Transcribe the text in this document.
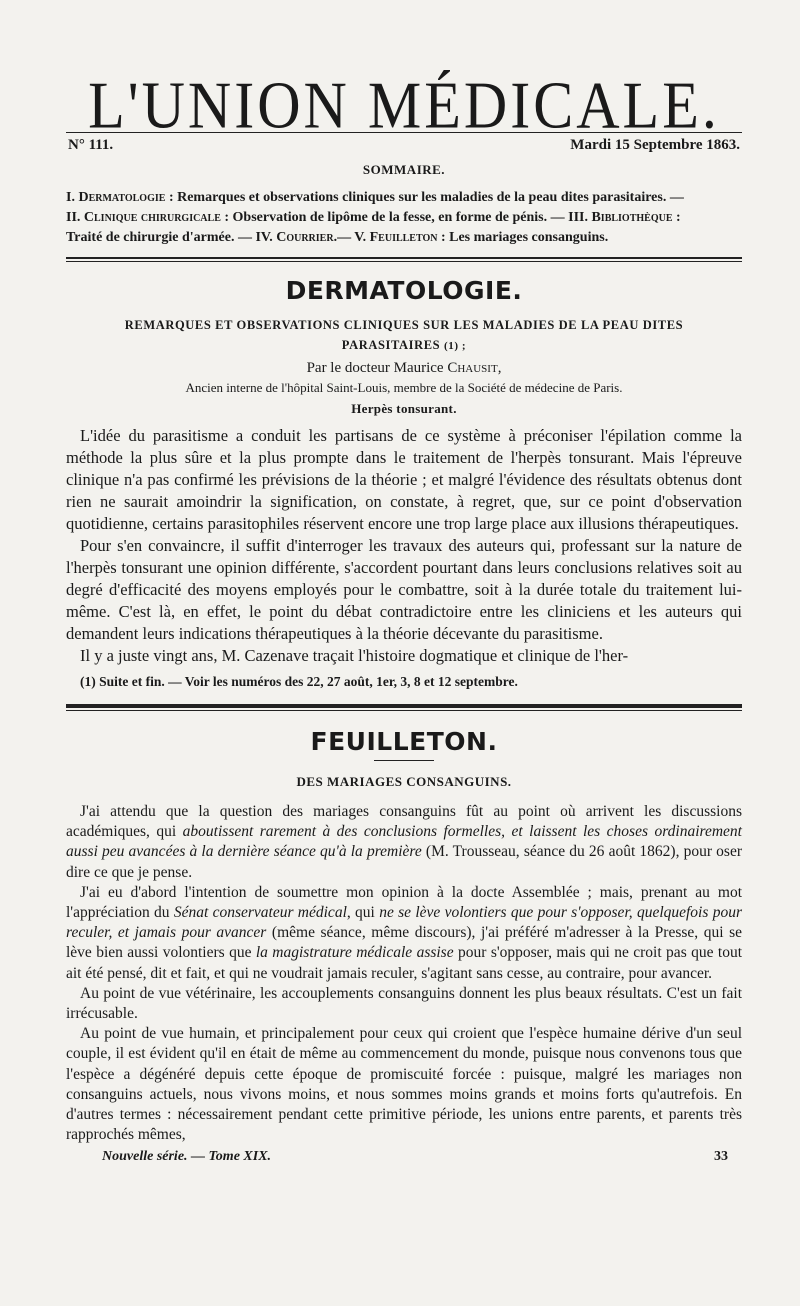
L'UNION MÉDICALE.
N° 111.	Mardi 15 Septembre 1863.
SOMMAIRE.
I. Dermatologie : Remarques et observations cliniques sur les maladies de la peau dites parasitaires. —
II. Clinique chirurgicale : Observation de lipôme de la fesse, en forme de pénis. — III. Bibliothèque :
Traité de chirurgie d'armée. — IV. Courrier.— V. Feuilleton : Les mariages consanguins.
DERMATOLOGIE.
REMARQUES ET OBSERVATIONS CLINIQUES SUR LES MALADIES DE LA PEAU DITES
PARASITAIRES (1) ;
Par le docteur Maurice Chausit,
Ancien interne de l'hôpital Saint-Louis, membre de la Société de médecine de Paris.
Herpès tonsurant.

L'idée du parasitisme a conduit les partisans de ce système à préconiser l'épilation comme la méthode la plus sûre et la plus prompte dans le traitement de l'herpès tonsurant. Mais l'épreuve clinique n'a pas confirmé les prévisions de la théorie ; et malgré l'évidence des résultats obtenus dont rien ne saurait amoindrir la signification, on constate, à regret, que, sur ce point d'observation quotidienne, certains parasitophiles réservent encore une trop large place aux illusions thérapeutiques.

Pour s'en convaincre, il suffit d'interroger les travaux des auteurs qui, professant sur la nature de l'herpès tonsurant une opinion différente, s'accordent pourtant dans leurs conclusions relatives soit au degré d'efficacité des moyens employés pour le combattre, soit à la durée totale du traitement lui-même. C'est là, en effet, le point du débat contradictoire entre les cliniciens et les auteurs qui demandent leurs indications thérapeutiques à la théorie décevante du parasitisme.

Il y a juste vingt ans, M. Cazenave traçait l'histoire dogmatique et clinique de l'her-

(1) Suite et fin. — Voir les numéros des 22, 27 août, 1er, 3, 8 et 12 septembre.
FEUILLETON.
DES MARIAGES CONSANGUINS.

J'ai attendu que la question des mariages consanguins fût au point où arrivent les discussions académiques, qui aboutissent rarement à des conclusions formelles, et laissent les choses ordinairement aussi peu avancées à la dernière séance qu'à la première (M. Trousseau, séance du 26 août 1862), pour oser dire ce que je pense.

J'ai eu d'abord l'intention de soumettre mon opinion à la docte Assemblée ; mais, prenant au mot l'appréciation du Sénat conservateur médical, qui ne se lève volontiers que pour s'opposer, quelquefois pour reculer, et jamais pour avancer (même séance, même discours), j'ai préféré m'adresser à la Presse, qui se lève bien aussi volontiers que la magistrature médicale assise pour s'opposer, mais qui ne croit pas que tout ait été pensé, dit et fait, et qui ne voudrait jamais reculer, s'agitant sans cesse, au contraire, pour avancer.

Au point de vue vétérinaire, les accouplements consanguins donnent les plus beaux résultats. C'est un fait irrécusable.

Au point de vue humain, et principalement pour ceux qui croient que l'espèce humaine dérive d'un seul couple, il est évident qu'il en était de même au commencement du monde, puisque nous convenons tous que l'espèce a dégénéré depuis cette époque de promiscuité forcée : puisque, malgré les mariages non consanguins actuels, nous vivons moins, et nous sommes moins grands et moins forts qu'autrefois. En d'autres termes : nécessairement pendant cette primitive période, les unions entre parents, et parents très rapprochés mêmes,

Nouvelle série. — Tome XIX.	33
